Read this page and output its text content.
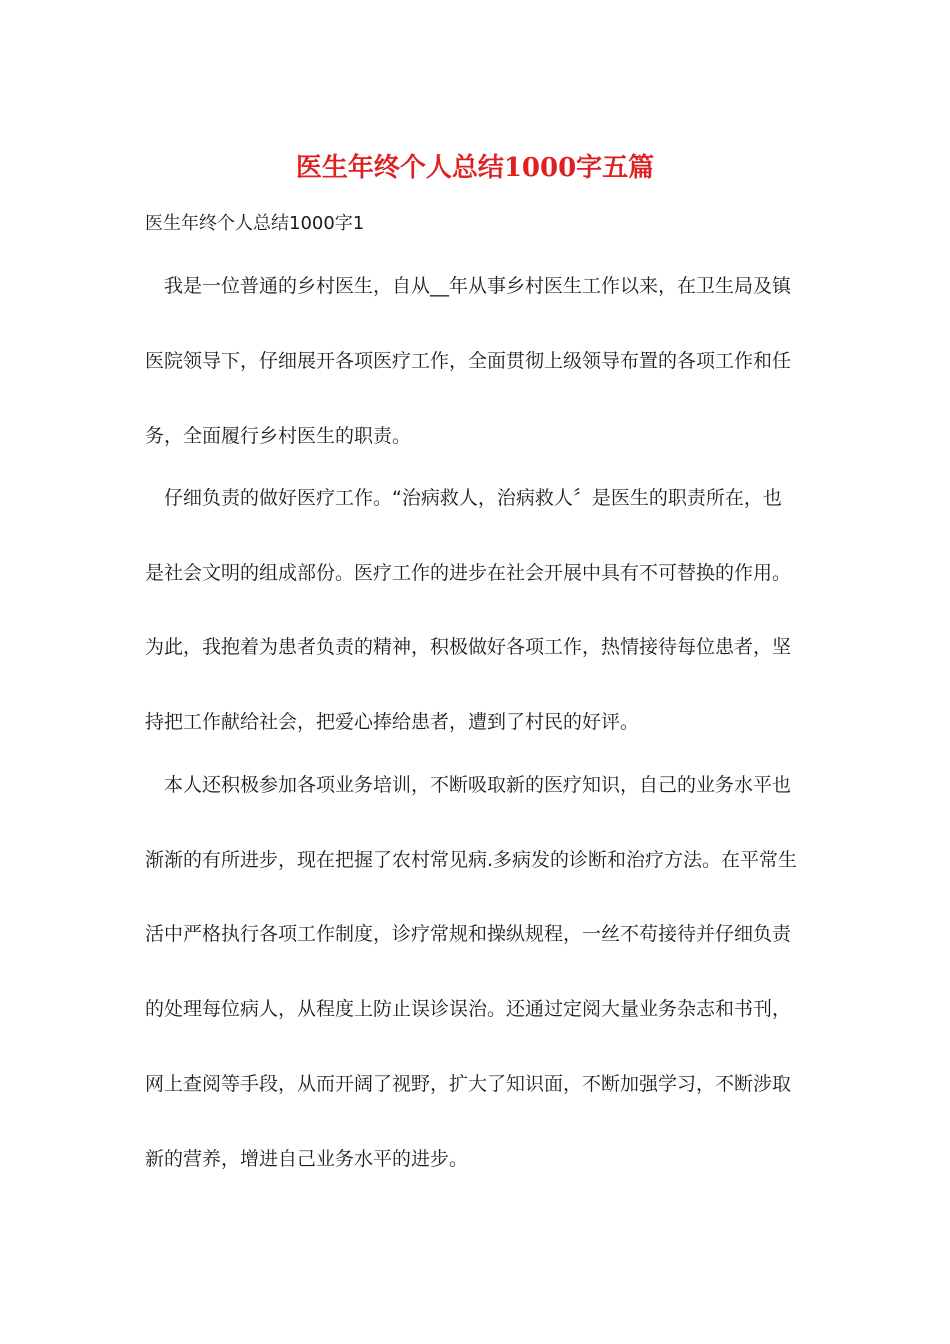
医生年终个人总结1000字五篇

医生年终个人总结1000字1

我是一位普通的乡村医生，自从__年从事乡村医生工作以来，在卫生局及镇

医院领导下，仔细展开各项医疗工作，全面贯彻上级领导布置的各项工作和任

务，全面履行乡村医生的职责。

仔细负责的做好医疗工作。“治病救人，治病救人〞是医生的职责所在，也

是社会文明的组成部份。医疗工作的进步在社会开展中具有不可替换的作用。

为此，我抱着为患者负责的精神，积极做好各项工作，热情接待每位患者，坚

持把工作献给社会，把爱心捧给患者，遭到了村民的好评。

本人还积极参加各项业务培训，不断吸取新的医疗知识，自己的业务水平也

渐渐的有所进步，现在把握了农村常见病.多病发的诊断和治疗方法。在平常生

活中严格执行各项工作制度，诊疗常规和操纵规程，一丝不苟接待并仔细负责

的处理每位病人，从程度上防止误诊误治。还通过定阅大量业务杂志和书刊，

网上查阅等手段，从而开阔了视野，扩大了知识面，不断加强学习，不断涉取

新的营养，增进自己业务水平的进步。
